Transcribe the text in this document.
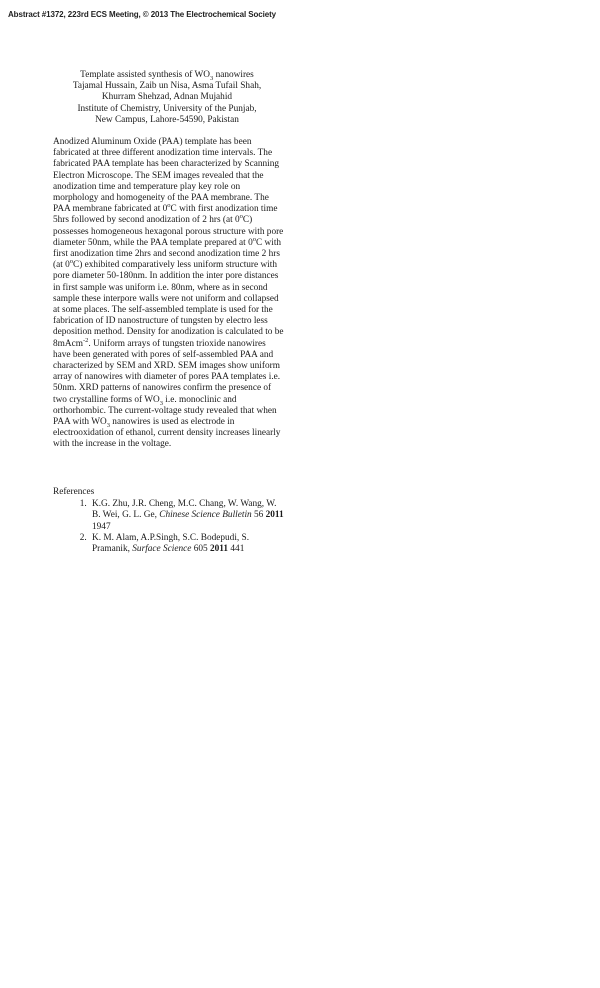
Abstract #1372, 223rd ECS Meeting, © 2013 The Electrochemical Society
Template assisted synthesis of $WO_3$ nanowires
Tajamal Hussain, Zaib un Nisa, Asma Tufail Shah,
Khurram Shehzad, Adnan Mujahid
Institute of Chemistry, University of the Punjab,
New Campus, Lahore-54590, Pakistan

Anodized Aluminum Oxide (PAA) template has been fabricated at three different anodization time intervals. The fabricated PAA template has been characterized by Scanning Electron Microscope. The SEM images revealed that the anodization time and temperature play key role on morphology and homogeneity of the PAA membrane. The PAA membrane fabricated at 0$^o$C with first anodization time 5hrs followed by second anodization of 2 hrs (at 0$^o$C) possesses homogeneous hexagonal porous structure with pore diameter 50nm, while the PAA template prepared at 0$^o$C with first anodization time 2hrs and second anodization time 2 hrs (at 0$^o$C) exhibited comparatively less uniform structure with pore diameter 50-180nm. In addition the inter pore distances in first sample was uniform i.e. 80nm, where as in second sample these interpore walls were not uniform and collapsed at some places. The self-assembled template is used for the fabrication of ID nanostructure of tungsten by electro less deposition method. Density for anodization is calculated to be 8mAcm$^{-2}$. Uniform arrays of tungsten trioxide nanowires have been generated with pores of self-assembled PAA and characterized by SEM and XRD. SEM images show uniform array of nanowires with diameter of pores PAA templates i.e. 50nm. XRD patterns of nanowires confirm the presence of two crystalline forms of $WO_3$ i.e. monoclinic and orthorhombic. The current-voltage study revealed that when PAA with $WO_3$ nanowires is used as electrode in electrooxidation of ethanol, current density increases linearly with the increase in the voltage.

References

1. K.G. Zhu, J.R. Cheng, M.C. Chang, W. Wang, W. B. Wei, G. L. Ge, Chinese Science Bulletin 56 2011 1947
2. K. M. Alam, A.P.Singh, S.C. Bodepudi, S. Pramanik, Surface Science 605 2011 441
